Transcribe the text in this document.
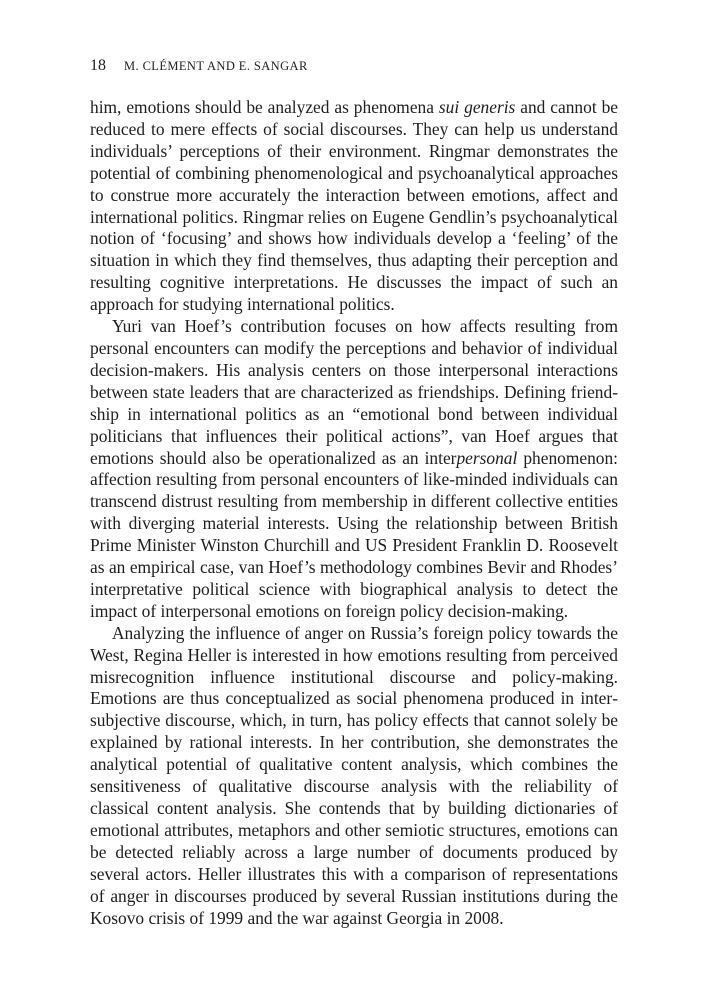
18 M. CLÉMENT AND E. SANGAR

him, emotions should be analyzed as phenomena sui generis and cannot be reduced to mere effects of social discourses. They can help us understand individuals’ perceptions of their environment. Ringmar demonstrates the potential of combining phenomenological and psychoanalytical approaches to construe more accurately the interaction between emotions, affect and international politics. Ringmar relies on Eugene Gendlin’s psychoanalytical notion of ‘focusing’ and shows how individuals develop a ‘feeling’ of the situation in which they find themselves, thus adapting their perception and resulting cognitive interpretations. He discusses the impact of such an approach for studying international politics.

Yuri van Hoef’s contribution focuses on how affects resulting from personal encounters can modify the perceptions and behavior of individual decision-makers. His analysis centers on those interpersonal interactions between state leaders that are characterized as friendships. Defining friendship in international politics as an “emotional bond between individual politicians that influences their political actions”, van Hoef argues that emotions should also be operationalized as an interpersonal phenomenon: affection resulting from personal encounters of like-minded individuals can transcend distrust resulting from membership in different collective entities with diverging material interests. Using the relationship between British Prime Minister Winston Churchill and US President Franklin D. Roosevelt as an empirical case, van Hoef’s methodology combines Bevir and Rhodes’ interpretative political science with biographical analysis to detect the impact of interpersonal emotions on foreign policy decision-making.

Analyzing the influence of anger on Russia’s foreign policy towards the West, Regina Heller is interested in how emotions resulting from perceived misrecognition influence institutional discourse and policy-making. Emotions are thus conceptualized as social phenomena produced in intersubjective discourse, which, in turn, has policy effects that cannot solely be explained by rational interests. In her contribution, she demonstrates the analytical potential of qualitative content analysis, which combines the sensitiveness of qualitative discourse analysis with the reliability of classical content analysis. She contends that by building dictionaries of emotional attributes, metaphors and other semiotic structures, emotions can be detected reliably across a large number of documents produced by several actors. Heller illustrates this with a comparison of representations of anger in discourses produced by several Russian institutions during the Kosovo crisis of 1999 and the war against Georgia in 2008.
